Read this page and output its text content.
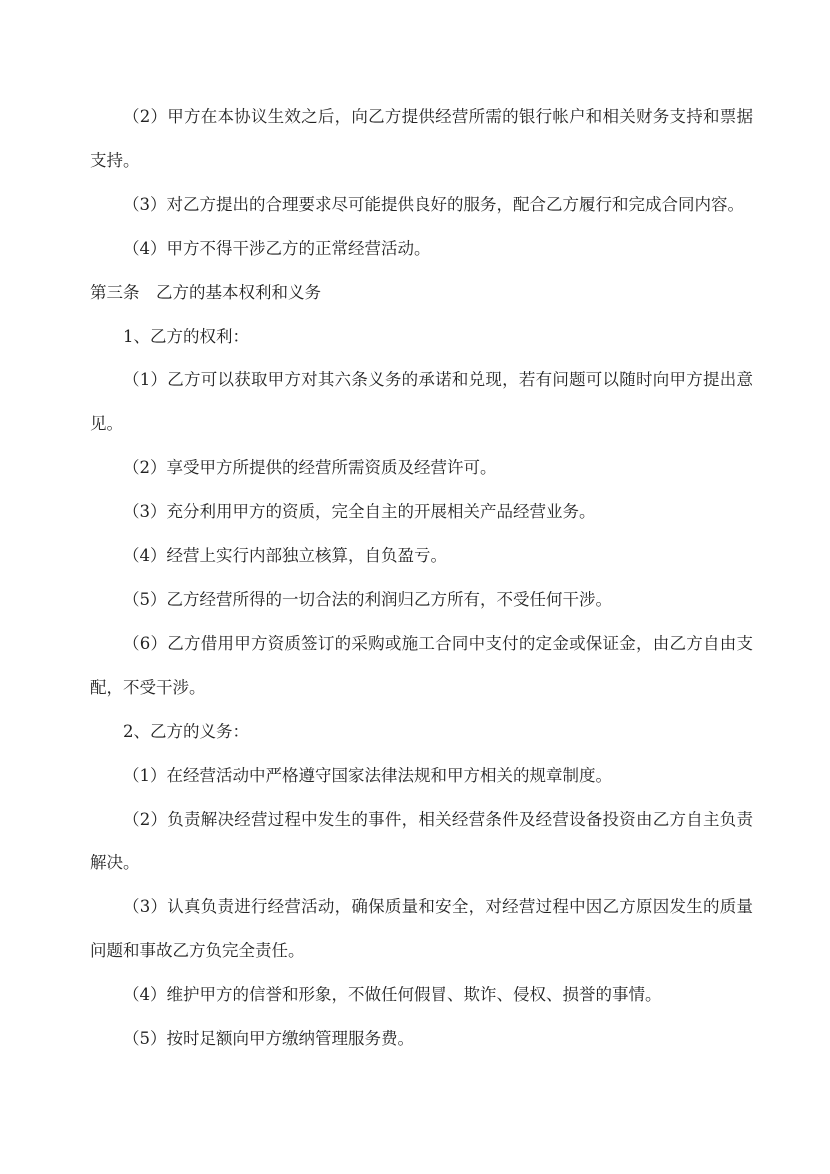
（2）甲方在本协议生效之后，向乙方提供经营所需的银行帐户和相关财务支持和票据支持。

（3）对乙方提出的合理要求尽可能提供良好的服务，配合乙方履行和完成合同内容。

（4）甲方不得干涉乙方的正常经营活动。

第三条　乙方的基本权利和义务

1、乙方的权利：

（1）乙方可以获取甲方对其六条义务的承诺和兑现，若有问题可以随时向甲方提出意见。

（2）享受甲方所提供的经营所需资质及经营许可。

（3）充分利用甲方的资质，完全自主的开展相关产品经营业务。

（4）经营上实行内部独立核算，自负盈亏。

（5）乙方经营所得的一切合法的利润归乙方所有，不受任何干涉。

（6）乙方借用甲方资质签订的采购或施工合同中支付的定金或保证金，由乙方自由支配，不受干涉。

2、乙方的义务：

（1）在经营活动中严格遵守国家法律法规和甲方相关的规章制度。

（2）负责解决经营过程中发生的事件，相关经营条件及经营设备投资由乙方自主负责解决。

（3）认真负责进行经营活动，确保质量和安全，对经营过程中因乙方原因发生的质量问题和事故乙方负完全责任。

（4）维护甲方的信誉和形象，不做任何假冒、欺诈、侵权、损誉的事情。

（5）按时足额向甲方缴纳管理服务费。
